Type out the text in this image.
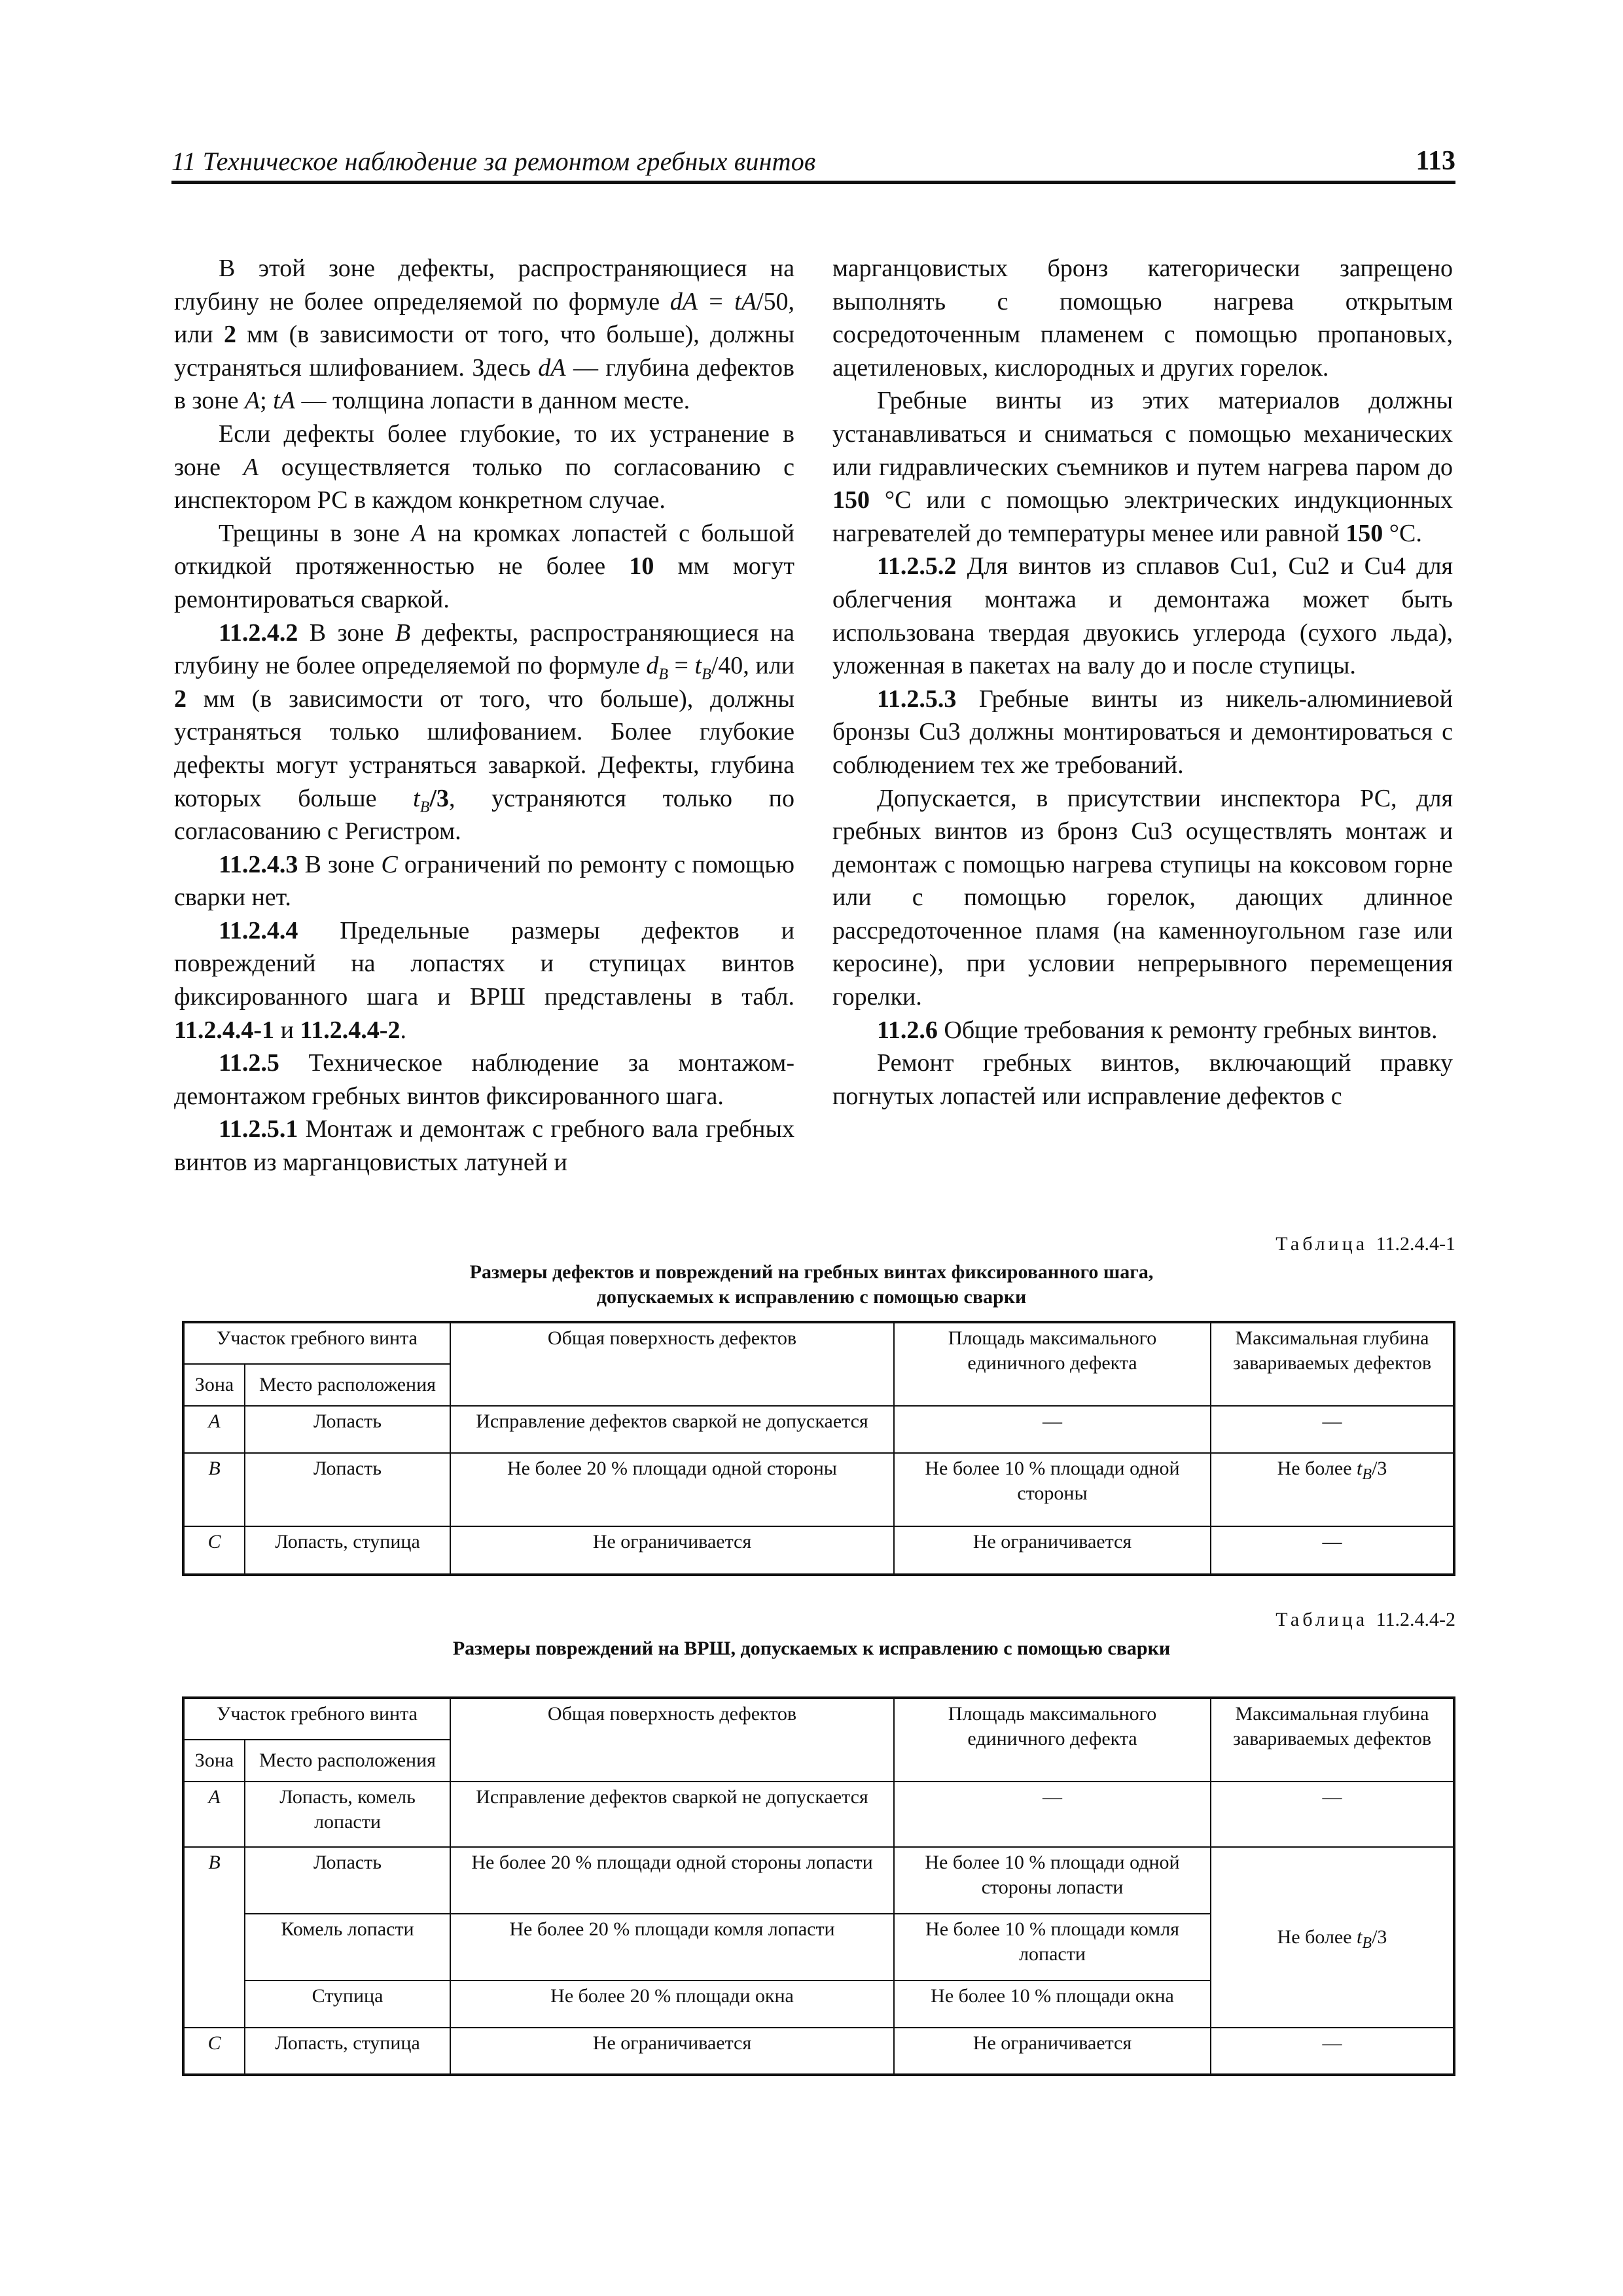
11 Техническое наблюдение за ремонтом гребных винтов	113

В этой зоне дефекты, распространяющиеся на глубину не более определяемой по формуле dA = tA/50, или 2 мм (в зависимости от того, что больше), должны устраняться шлифованием. Здесь dA — глубина дефектов в зоне А; tA — толщина лопасти в данном месте.

Если дефекты более глубокие, то их устранение в зоне А осуществляется только по согласованию с инспектором РС в каждом конкретном случае.

Трещины в зоне А на кромках лопастей с большой откидкой протяженностью не более 10 мм могут ремонтироваться сваркой.

11.2.4.2 В зоне В дефекты, распространяющиеся на глубину не более определяемой по формуле $d_B = t_B/40$, или 2 мм (в зависимости от того, что больше), должны устраняться только шлифованием. Более глубокие дефекты могут устраняться заваркой. Дефекты, глубина которых больше $t_B/3$, устраняются только по согласованию с Регистром.

11.2.4.3 В зоне С ограничений по ремонту с помощью сварки нет.

11.2.4.4 Предельные размеры дефектов и повреждений на лопастях и ступицах винтов фиксированного шага и ВРШ представлены в табл. 11.2.4.4-1 и 11.2.4.4-2.

11.2.5 Техническое наблюдение за монтажом-демонтажом гребных винтов фиксированного шага.

11.2.5.1 Монтаж и демонтаж с гребного вала гребных винтов из марганцовистых латуней и

марганцовистых бронз категорически запрещено выполнять с помощью нагрева открытым сосредоточенным пламенем с помощью пропановых, ацетиленовых, кислородных и других горелок.

Гребные винты из этих материалов должны устанавливаться и сниматься с помощью механических или гидравлических съемников и путем нагрева паром до 150 °С или с помощью электрических индукционных нагревателей до температуры менее или равной 150 °С.

11.2.5.2 Для винтов из сплавов Cu1, Cu2 и Cu4 для облегчения монтажа и демонтажа может быть использована твердая двуокись углерода (сухого льда), уложенная в пакетах на валу до и после ступицы.

11.2.5.3 Гребные винты из никель-алюминиевой бронзы Cu3 должны монтироваться и демонтироваться с соблюдением тех же требований.

Допускается, в присутствии инспектора РС, для гребных винтов из бронз Cu3 осуществлять монтаж и демонтаж с помощью нагрева ступицы на коксовом горне или с помощью горелок, дающих длинное рассредоточенное пламя (на каменноугольном газе или керосине), при условии непрерывного перемещения горелки.

11.2.6 Общие требования к ремонту гребных винтов.

Ремонт гребных винтов, включающий правку погнутых лопастей или исправление дефектов с

Таблица 11.2.4.4-1
Размеры дефектов и повреждений на гребных винтах фиксированного шага,
допускаемых к исправлению с помощью сварки
Участок гребного винта		Общая поверхность дефектов	Площадь максимального единичного дефекта	Максимальная глубина завариваемых дефектов
Зона	Место расположения			
A	Лопасть	Исправление дефектов сваркой не допускается	—	—
B	Лопасть	Не более 20 % площади одной стороны	Не более 10 % площади одной стороны	Не более $t_B/3$
C	Лопасть, ступица	Не ограничивается	Не ограничивается	—
Таблица 11.2.4.4-2
Размеры повреждений на ВРШ, допускаемых к исправлению с помощью сварки
Участок гребного винта		Общая поверхность дефектов	Площадь максимального единичного дефекта	Максимальная глубина завариваемых дефектов
Зона	Место расположения			
A	Лопасть, комель лопасти	Исправление дефектов сваркой не допускается	—	—
B	Лопасть	Не более 20 % площади одной стороны лопасти	Не более 10 % площади одной стороны лопасти	Не более $t_B/3$
	Комель лопасти	Не более 20 % площади комля лопасти	Не более 10 % площади комля лопасти	
	Ступица	Не более 20 % площади окна	Не более 10 % площади окна	
C	Лопасть, ступица	Не ограничивается	Не ограничивается	—
